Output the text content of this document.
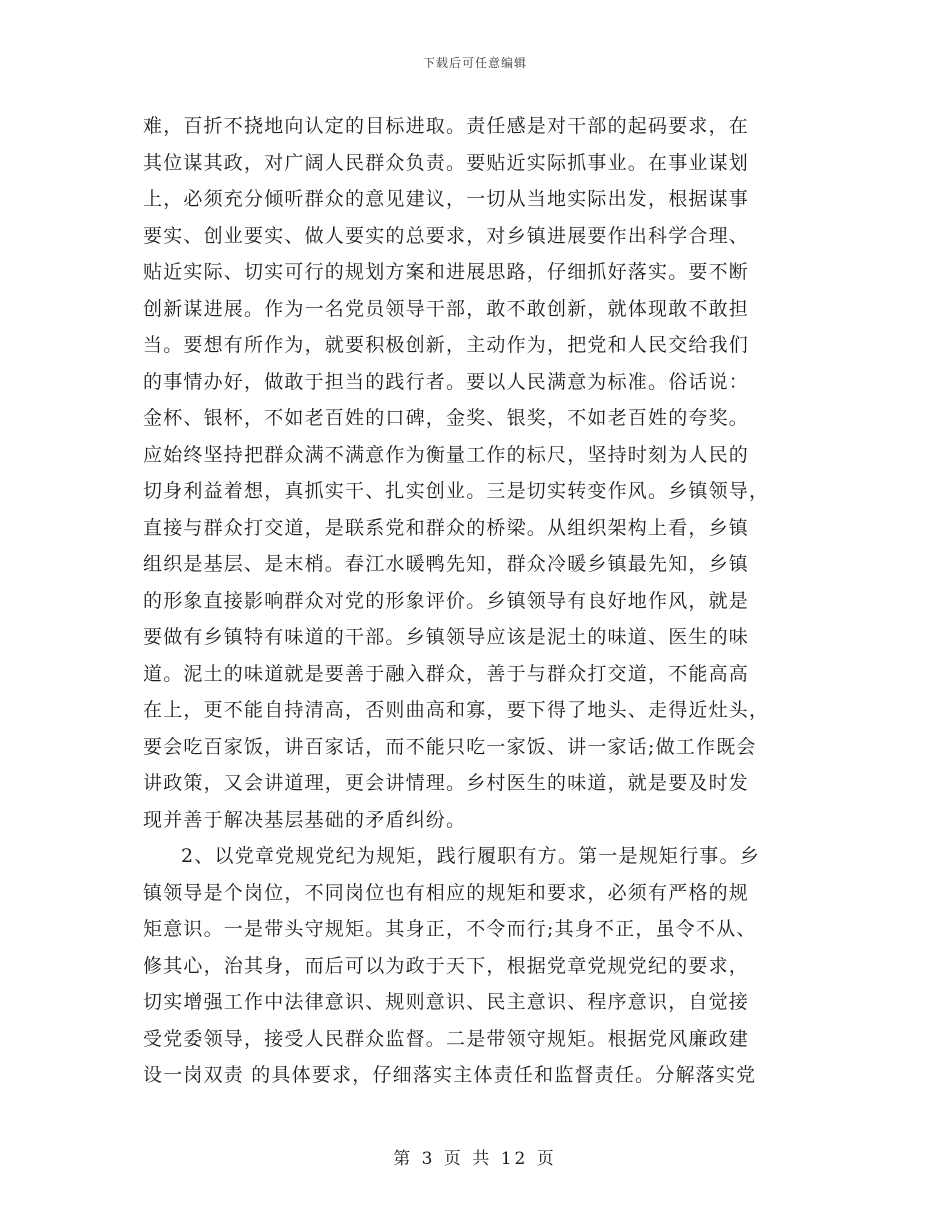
下载后可任意编辑
难，百折不挠地向认定的目标进取。责任感是对干部的起码要求，在
其位谋其政，对广阔人民群众负责。要贴近实际抓事业。在事业谋划
上，必须充分倾听群众的意见建议，一切从当地实际出发，根据谋事
要实、创业要实、做人要实的总要求，对乡镇进展要作出科学合理、
贴近实际、切实可行的规划方案和进展思路，仔细抓好落实。要不断
创新谋进展。作为一名党员领导干部，敢不敢创新，就体现敢不敢担
当。要想有所作为，就要积极创新，主动作为，把党和人民交给我们
的事情办好，做敢于担当的践行者。要以人民满意为标准。俗话说：
金杯、银杯，不如老百姓的口碑，金奖、银奖，不如老百姓的夸奖。
应始终坚持把群众满不满意作为衡量工作的标尺，坚持时刻为人民的
切身利益着想，真抓实干、扎实创业。三是切实转变作风。乡镇领导，
直接与群众打交道，是联系党和群众的桥梁。从组织架构上看，乡镇
组织是基层、是末梢。春江水暖鸭先知，群众冷暖乡镇最先知，乡镇
的形象直接影响群众对党的形象评价。乡镇领导有良好地作风，就是
要做有乡镇特有味道的干部。乡镇领导应该是泥土的味道、医生的味
道。泥土的味道就是要善于融入群众，善于与群众打交道，不能高高
在上，更不能自持清高，否则曲高和寡，要下得了地头、走得近灶头，
要会吃百家饭，讲百家话，而不能只吃一家饭、讲一家话;做工作既会
讲政策，又会讲道理，更会讲情理。乡村医生的味道，就是要及时发
现并善于解决基层基础的矛盾纠纷。
2、以党章党规党纪为规矩，践行履职有方。第一是规矩行事。乡
镇领导是个岗位，不同岗位也有相应的规矩和要求，必须有严格的规
矩意识。一是带头守规矩。其身正，不令而行;其身不正，虽令不从、
修其心，治其身，而后可以为政于天下，根据党章党规党纪的要求，
切实增强工作中法律意识、规则意识、民主意识、程序意识，自觉接
受党委领导，接受人民群众监督。二是带领守规矩。根据党风廉政建
设一岗双责 的具体要求，仔细落实主体责任和监督责任。分解落实党
第 3 页 共 12 页
